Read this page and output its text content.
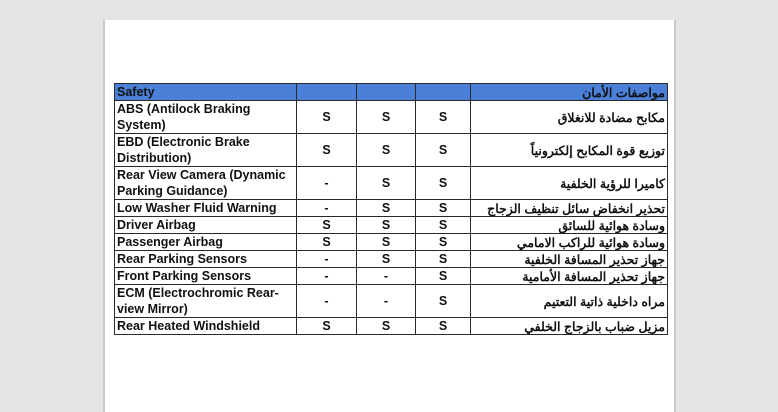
Safety				مواصفات الأمان
ABS (Antilock Braking System)	S	S	S	مكابح مضادة للانغلاق
EBD (Electronic Brake Distribution)	S	S	S	توزيع قوة المكابح إلكترونياً
Rear View Camera (Dynamic Parking Guidance)	-	S	S	كاميرا للرؤية الخلفية
Low Washer Fluid Warning	-	S	S	تحذير انخفاض سائل تنظيف الزجاج
Driver Airbag	S	S	S	وسادة هوائية للسائق
Passenger Airbag	S	S	S	وسادة هوائية للراكب الامامي
Rear Parking Sensors	-	S	S	جهاز تحذير المسافة الخلفية
Front Parking Sensors	-	-	S	جهاز تحذير المسافة الأمامية
ECM (Electrochromic Rear-view Mirror)	-	-	S	مراه داخلية ذاتية التعتيم
Rear Heated Windshield	S	S	S	مزيل ضباب بالزجاج الخلفي
